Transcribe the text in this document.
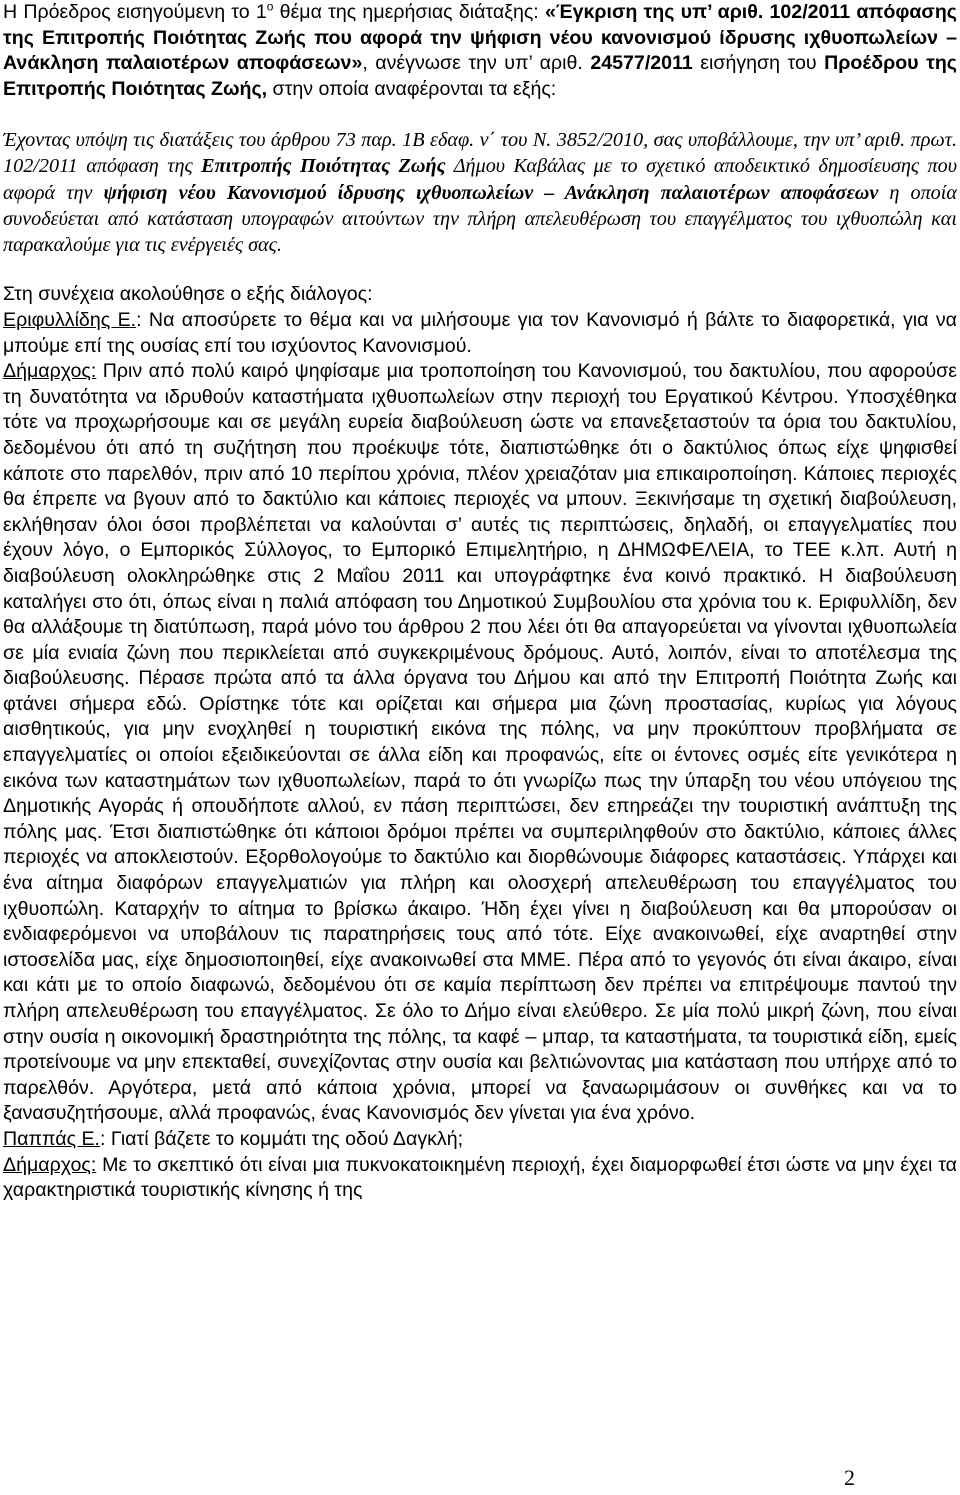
Η Πρόεδρος εισηγούμενη το $1^o$ θέμα της ημερήσιας διάταξης: «Έγκριση της υπ’ αριθ. 102/2011 απόφασης της Επιτροπής Ποιότητας Ζωής που αφορά την ψήφιση νέου κανονισμού ίδρυσης ιχθυοπωλείων – Ανάκληση παλαιοτέρων αποφάσεων», ανέγνωσε την υπ’ αριθ. 24577/2011 εισήγηση του Προέδρου της Επιτροπής Ποιότητας Ζωής, στην οποία αναφέρονται τα εξής:

Έχοντας υπόψη τις διατάξεις του άρθρου 73 παρ. 1Β εδαφ. ν΄ του Ν. 3852/2010, σας υποβάλλουμε, την υπ’ αριθ. πρωτ. 102/2011 απόφαση της Επιτροπής Ποιότητας Ζωής Δήμου Καβάλας με το σχετικό αποδεικτικό δημοσίευσης που αφορά την ψήφιση νέου Κανονισμού ίδρυσης ιχθυοπωλείων – Ανάκληση παλαιοτέρων αποφάσεων η οποία συνοδεύεται από κατάσταση υπογραφών αιτούντων την πλήρη απελευθέρωση του επαγγέλματος του ιχθυοπώλη και παρακαλούμε για τις ενέργειές σας.

Στη συνέχεια ακολούθησε ο εξής διάλογος:

Εριφυλλίδης Ε.: Να αποσύρετε το θέμα και να μιλήσουμε για τον Κανονισμό ή βάλτε το διαφορετικά, για να μπούμε επί της ουσίας επί του ισχύοντος Κανονισμού.

Δήμαρχος: Πριν από πολύ καιρό ψηφίσαμε μια τροποποίηση του Κανονισμού, του δακτυλίου, που αφορούσε τη δυνατότητα να ιδρυθούν καταστήματα ιχθυοπωλείων στην περιοχή του Εργατικού Κέντρου. Υποσχέθηκα τότε να προχωρήσουμε και σε μεγάλη ευρεία διαβούλευση ώστε να επανεξεταστούν τα όρια του δακτυλίου, δεδομένου ότι από τη συζήτηση που προέκυψε τότε, διαπιστώθηκε ότι ο δακτύλιος όπως είχε ψηφισθεί κάποτε στο παρελθόν, πριν από 10 περίπου χρόνια, πλέον χρειαζόταν μια επικαιροποίηση. Κάποιες περιοχές θα έπρεπε να βγουν από το δακτύλιο και κάποιες περιοχές να μπουν. Ξεκινήσαμε τη σχετική διαβούλευση, εκλήθησαν όλοι όσοι προβλέπεται να καλούνται σ’ αυτές τις περιπτώσεις, δηλαδή, οι επαγγελματίες που έχουν λόγο, ο Εμπορικός Σύλλογος, το Εμπορικό Επιμελητήριο, η ΔΗΜΩΦΕΛΕΙΑ, το ΤΕΕ κ.λπ. Αυτή η διαβούλευση ολοκληρώθηκε στις 2 Μαΐου 2011 και υπογράφτηκε ένα κοινό πρακτικό. Η διαβούλευση καταλήγει στο ότι, όπως είναι η παλιά απόφαση του Δημοτικού Συμβουλίου στα χρόνια του κ. Εριφυλλίδη, δεν θα αλλάξουμε τη διατύπωση, παρά μόνο του άρθρου 2 που λέει ότι θα απαγορεύεται να γίνονται ιχθυοπωλεία σε μία ενιαία ζώνη που περικλείεται από συγκεκριμένους δρόμους. Αυτό, λοιπόν, είναι το αποτέλεσμα της διαβούλευσης. Πέρασε πρώτα από τα άλλα όργανα του Δήμου και από την Επιτροπή Ποιότητα Ζωής και φτάνει σήμερα εδώ. Ορίστηκε τότε και ορίζεται και σήμερα μια ζώνη προστασίας, κυρίως για λόγους αισθητικούς, για μην ενοχληθεί η τουριστική εικόνα της πόλης, να μην προκύπτουν προβλήματα σε επαγγελματίες οι οποίοι εξειδικεύονται σε άλλα είδη και προφανώς, είτε οι έντονες οσμές είτε γενικότερα η εικόνα των καταστημάτων των ιχθυοπωλείων, παρά το ότι γνωρίζω πως την ύπαρξη του νέου υπόγειου της Δημοτικής Αγοράς ή οπουδήποτε αλλού, εν πάση περιπτώσει, δεν επηρεάζει την τουριστική ανάπτυξη της πόλης μας. Έτσι διαπιστώθηκε ότι κάποιοι δρόμοι πρέπει να συμπεριληφθούν στο δακτύλιο, κάποιες άλλες περιοχές να αποκλειστούν. Εξορθολογούμε το δακτύλιο και διορθώνουμε διάφορες καταστάσεις. Υπάρχει και ένα αίτημα διαφόρων επαγγελματιών για πλήρη και ολοσχερή απελευθέρωση του επαγγέλματος του ιχθυοπώλη. Καταρχήν το αίτημα το βρίσκω άκαιρο. Ήδη έχει γίνει η διαβούλευση και θα μπορούσαν οι ενδιαφερόμενοι να υποβάλουν τις παρατηρήσεις τους από τότε. Είχε ανακοινωθεί, είχε αναρτηθεί στην ιστοσελίδα μας, είχε δημοσιοποιηθεί, είχε ανακοινωθεί στα ΜΜΕ. Πέρα από το γεγονός ότι είναι άκαιρο, είναι και κάτι με το οποίο διαφωνώ, δεδομένου ότι σε καμία περίπτωση δεν πρέπει να επιτρέψουμε παντού την πλήρη απελευθέρωση του επαγγέλματος. Σε όλο το Δήμο είναι ελεύθερο. Σε μία πολύ μικρή ζώνη, που είναι στην ουσία η οικονομική δραστηριότητα της πόλης, τα καφέ – μπαρ, τα καταστήματα, τα τουριστικά είδη, εμείς προτείνουμε να μην επεκταθεί, συνεχίζοντας στην ουσία και βελτιώνοντας μια κατάσταση που υπήρχε από το παρελθόν. Αργότερα, μετά από κάποια χρόνια, μπορεί να ξαναωριμάσουν οι συνθήκες και να το ξανασυζητήσουμε, αλλά προφανώς, ένας Κανονισμός δεν γίνεται για ένα χρόνο.

Παππάς Ε.: Γιατί βάζετε το κομμάτι της οδού Δαγκλή;

Δήμαρχος: Με το σκεπτικό ότι είναι μια πυκνοκατοικημένη περιοχή, έχει διαμορφωθεί έτσι ώστε να μην έχει τα χαρακτηριστικά τουριστικής κίνησης ή της

2
